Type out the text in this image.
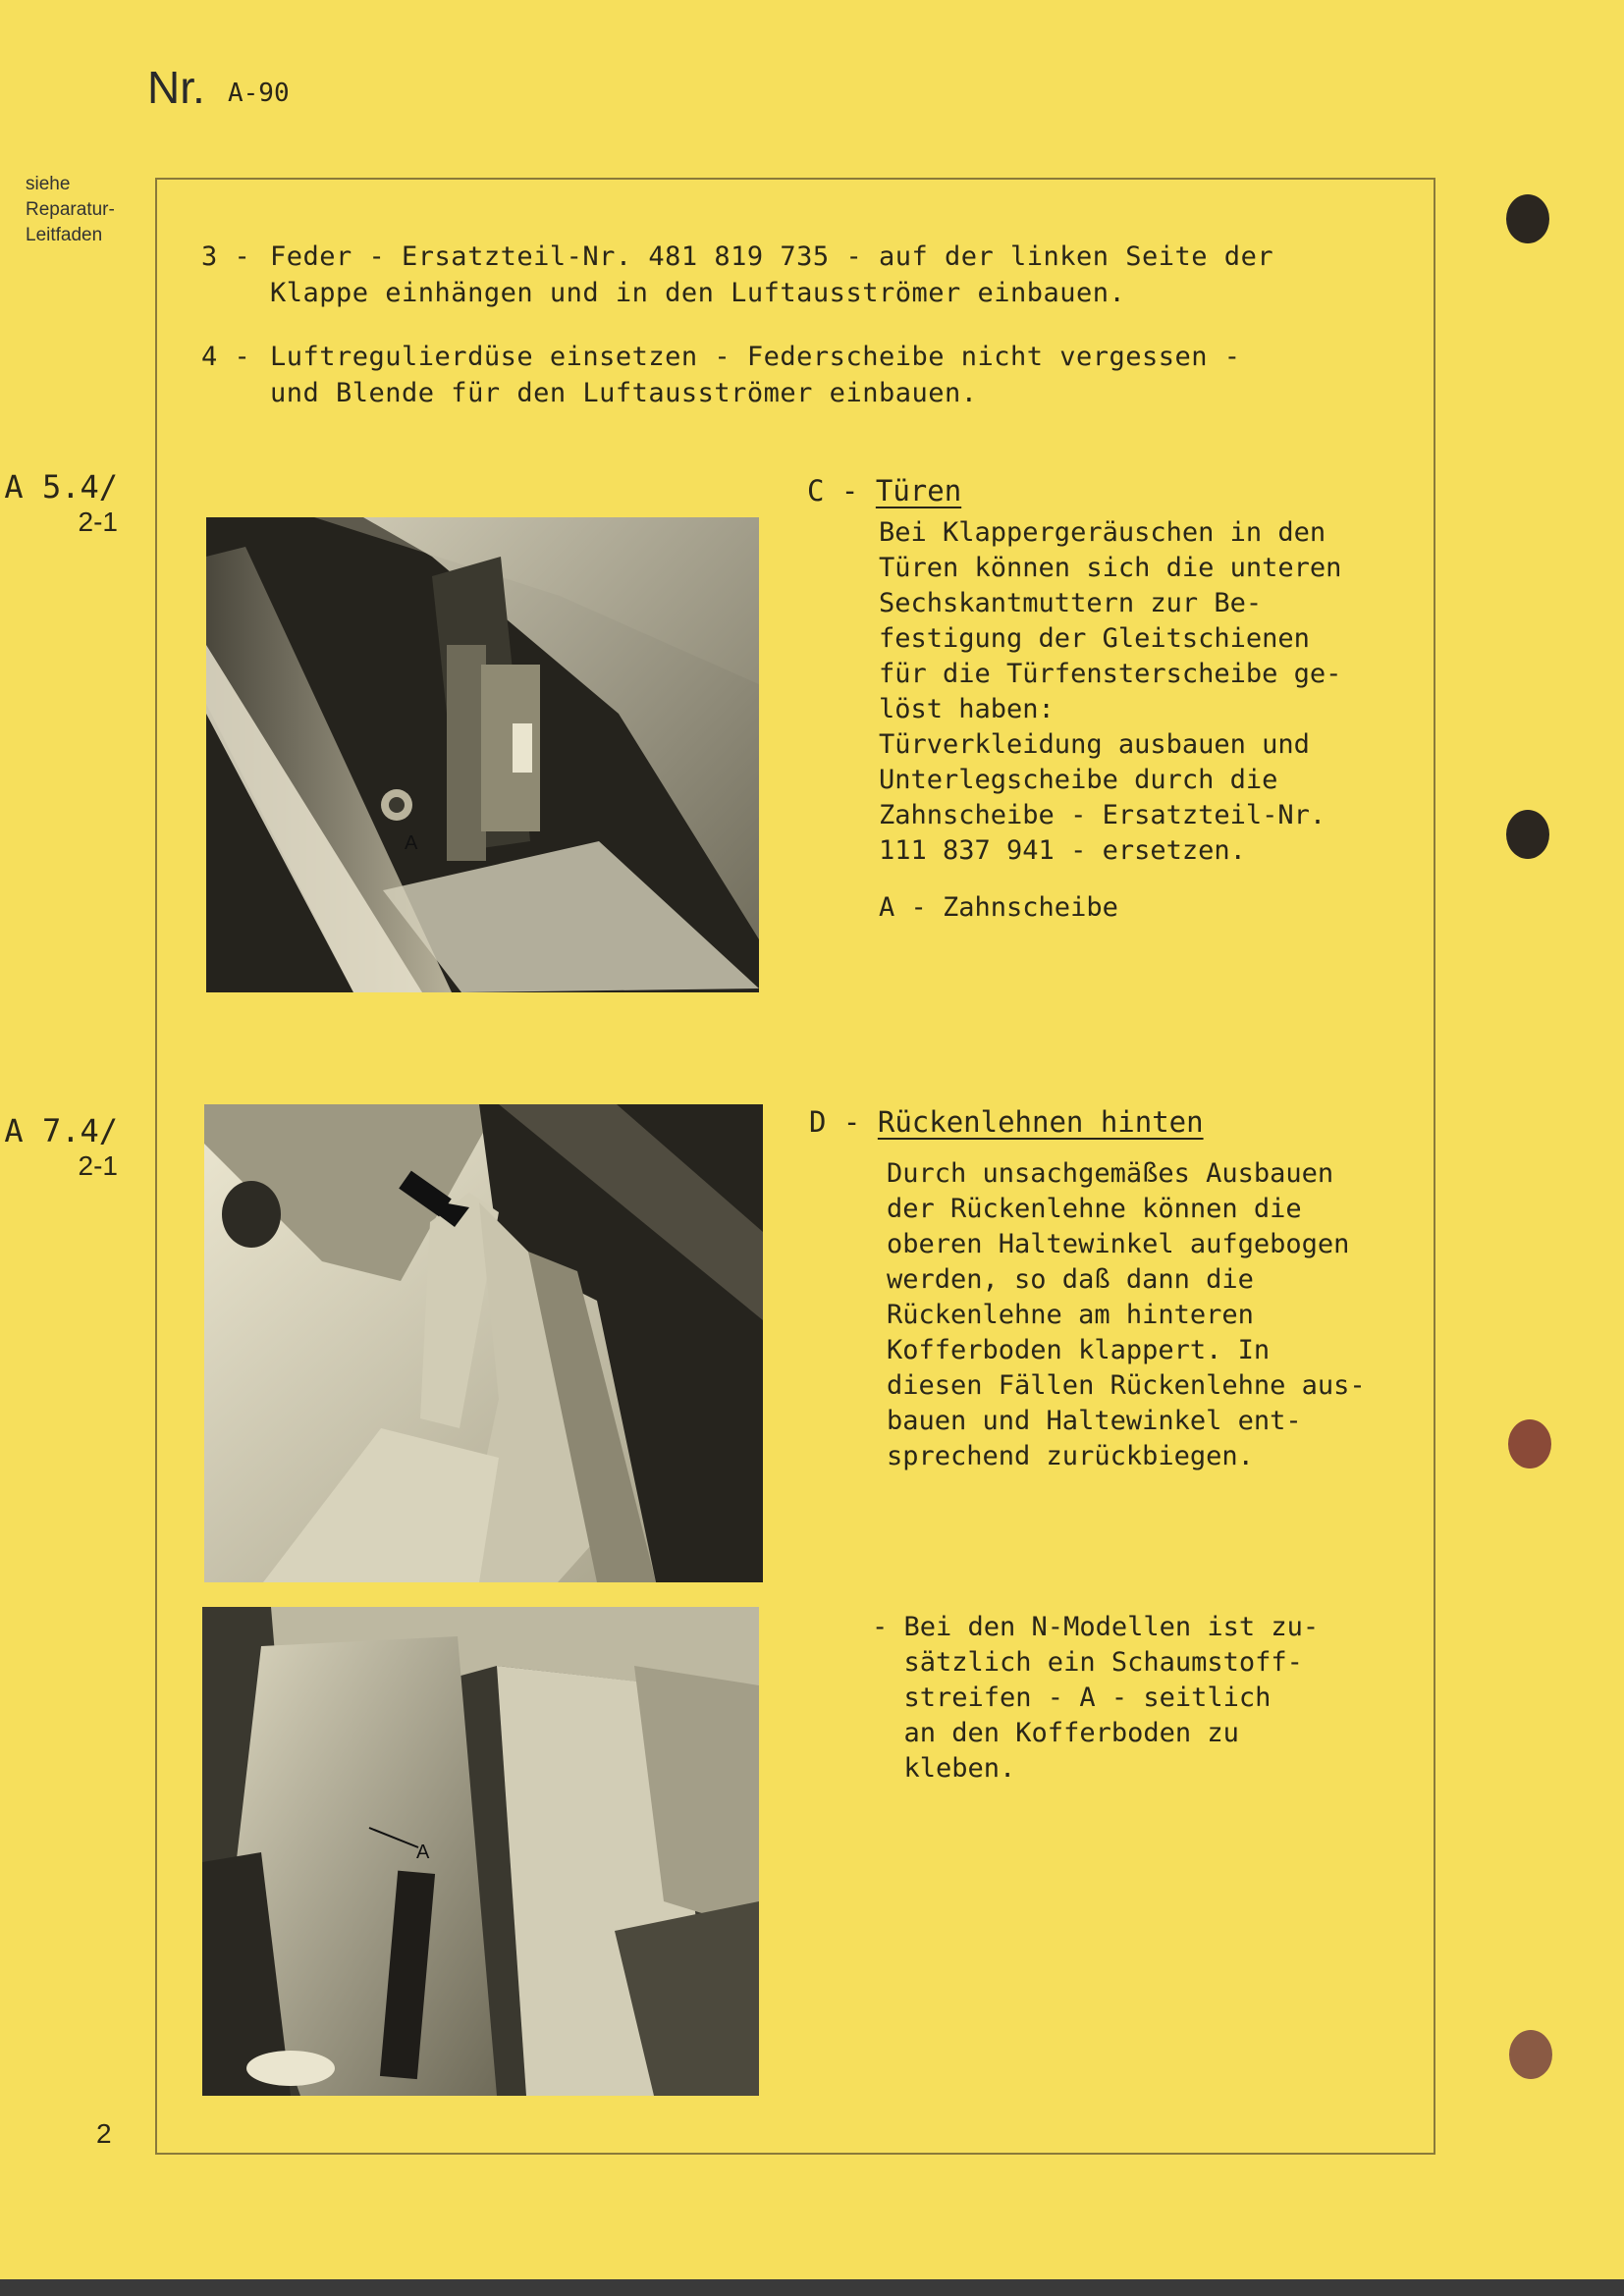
Nr. A-90
siehe
Reparatur-
Leitfaden
3 - Feder - Ersatzteil-Nr. 481 819 735 - auf der linken Seite der
Klappe einhängen und in den Luftausströmer einbauen.
4 - Luftregulierdüse einsetzen - Federscheibe nicht vergessen -
und Blende für den Luftausströmer einbauen.
A 5.4/
2-1
A
C - Türen
Bei Klappergeräuschen in den
Türen können sich die unteren
Sechskantmuttern zur Be-
festigung der Gleitschienen
für die Türfensterscheibe ge-
löst haben:
Türverkleidung ausbauen und
Unterlegscheibe durch die
Zahnscheibe - Ersatzteil-Nr.
111 837 941 - ersetzen.
A - Zahnscheibe
A 7.4/
2-1
D - Rückenlehnen hinten
Durch unsachgemäßes Ausbauen
der Rückenlehne können die
oberen Haltewinkel aufgebogen
werden, so daß dann die
Rückenlehne am hinteren
Kofferboden klappert. In
diesen Fällen Rückenlehne aus-
bauen und Haltewinkel ent-
sprechend zurückbiegen.
A
- Bei den N-Modellen ist zu-
sätzlich ein Schaumstoff-
streifen - A - seitlich
an den Kofferboden zu
kleben.
2
